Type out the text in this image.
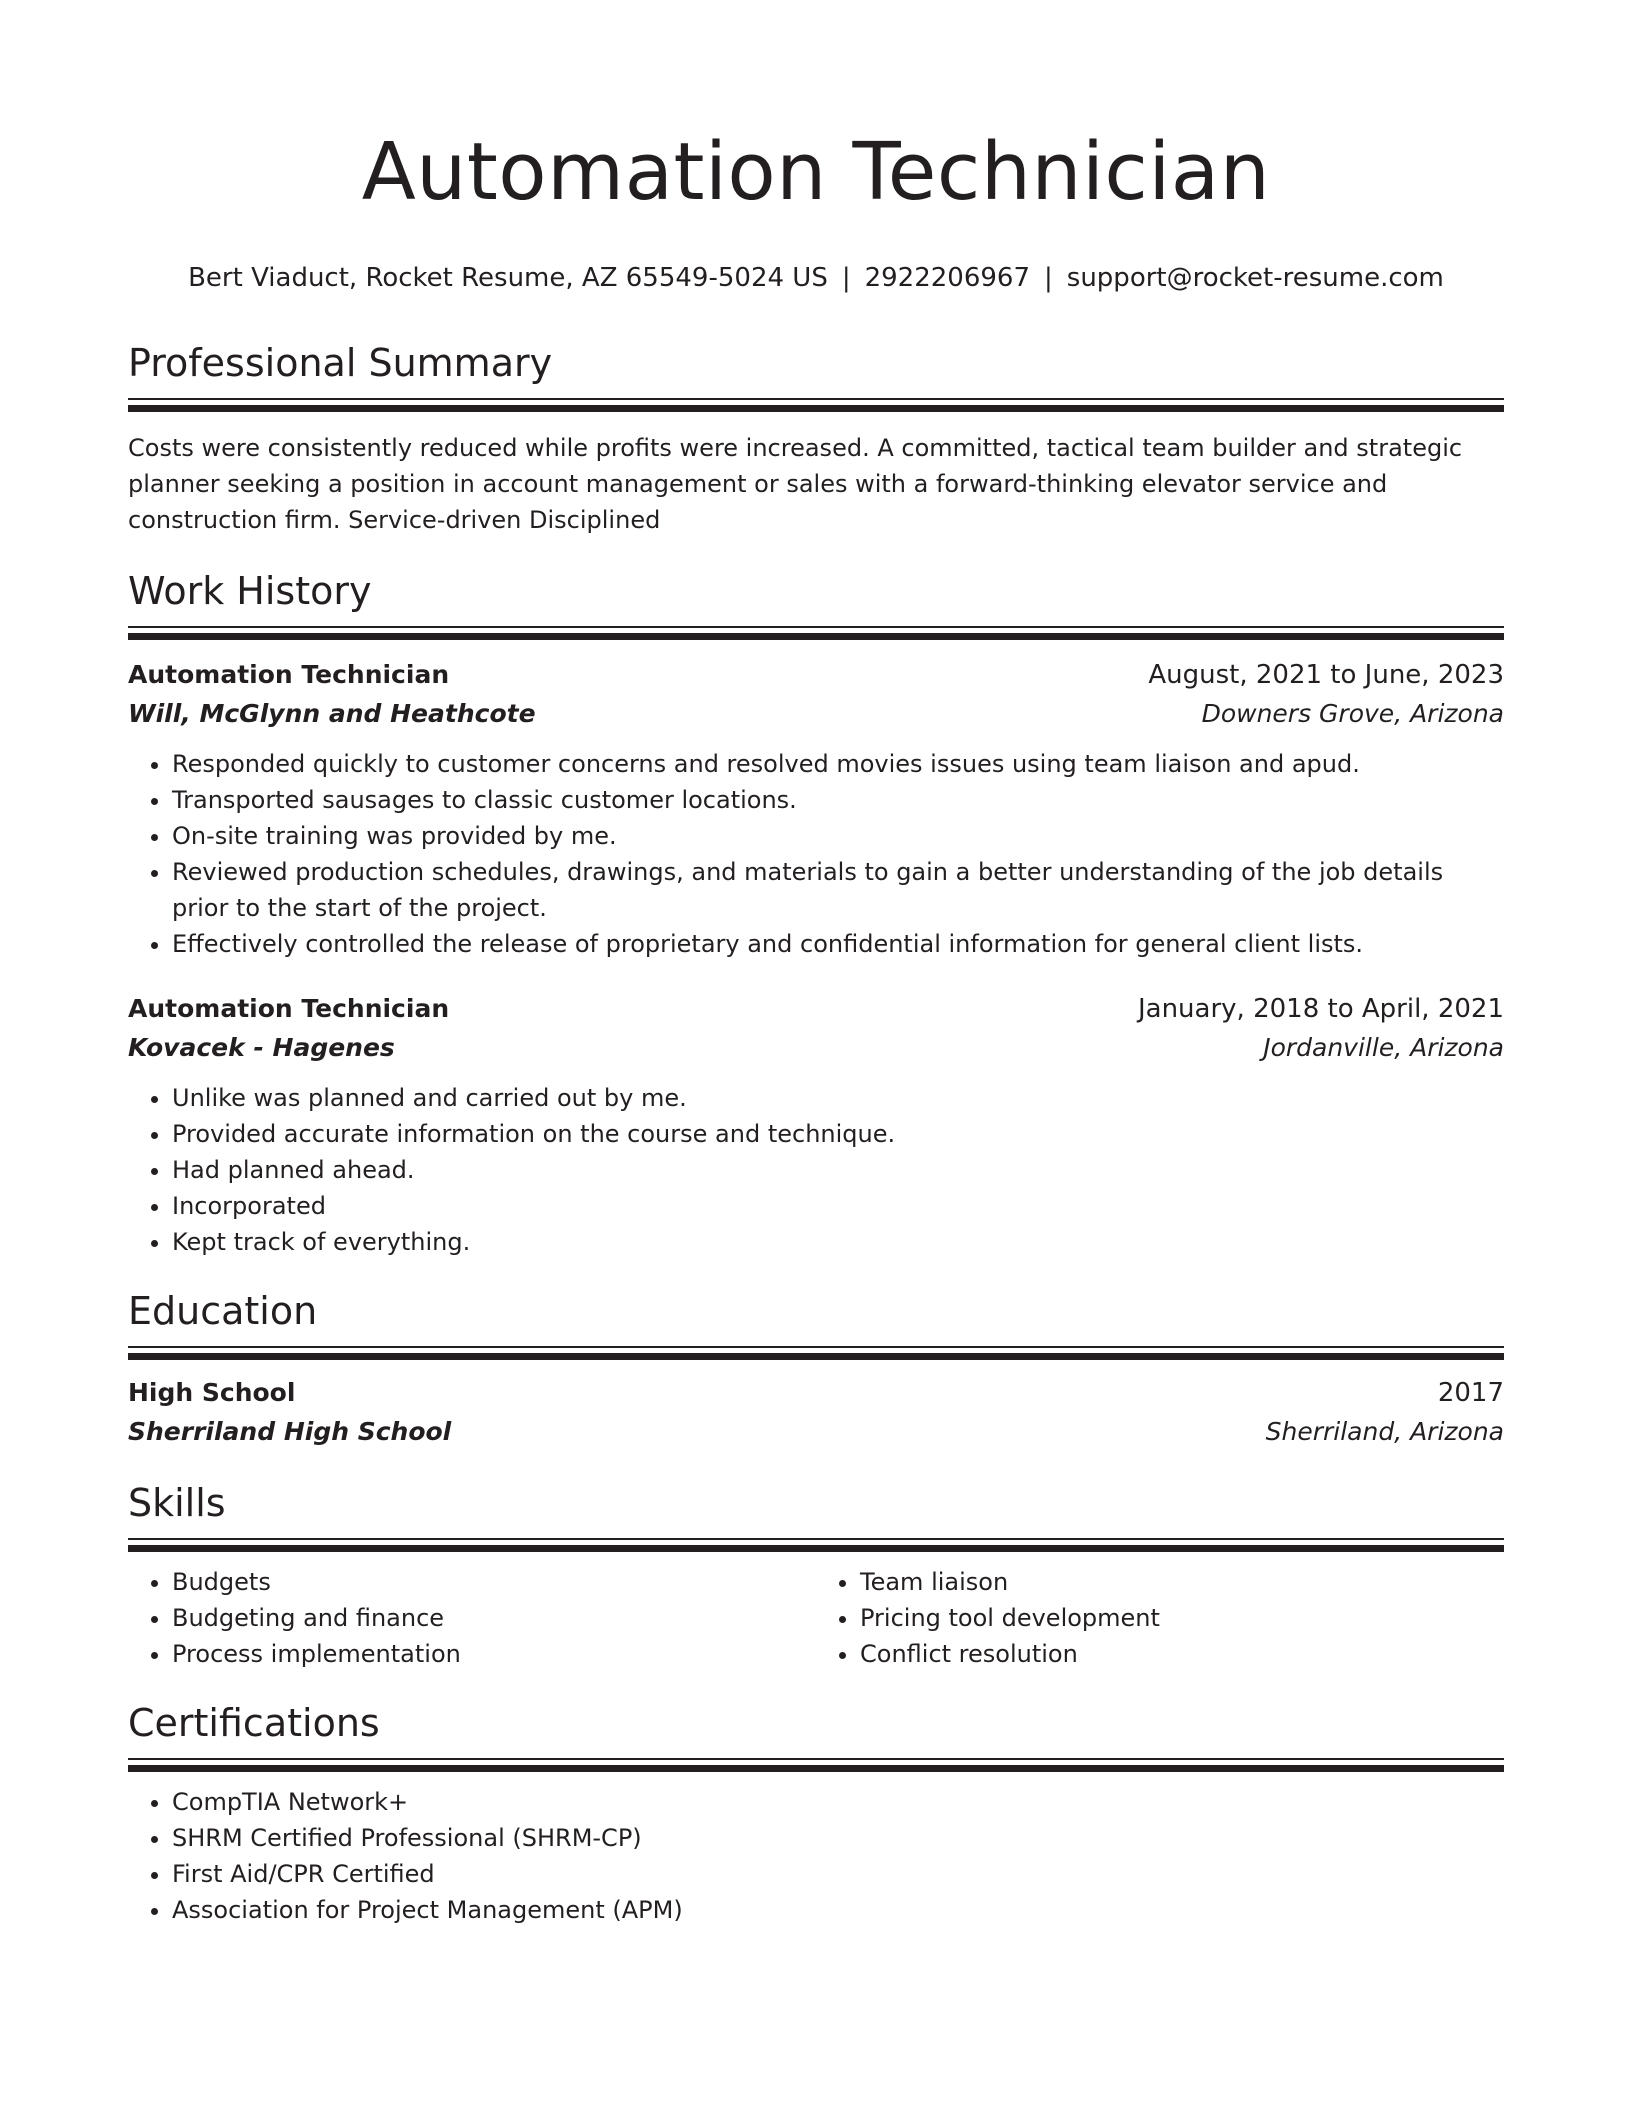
Automation Technician
Bert Viaduct, Rocket Resume, AZ 65549-5024 US | 2922206967 | support@rocket-resume.com
Professional Summary

Costs were consistently reduced while profits were increased. A committed, tactical team builder and strategic planner seeking a position in account management or sales with a forward-thinking elevator service and construction firm. Service-driven Disciplined

Work History
Automation Technician	August, 2021 to June, 2023
Will, McGlynn and Heathcote	Downers Grove, Arizona
• Responded quickly to customer concerns and resolved movies issues using team liaison and apud.
• Transported sausages to classic customer locations.
• On-site training was provided by me.
• Reviewed production schedules, drawings, and materials to gain a better understanding of the job details prior to the start of the project.
• Effectively controlled the release of proprietary and confidential information for general client lists.
Automation Technician	January, 2018 to April, 2021
Kovacek - Hagenes	Jordanville, Arizona
• Unlike was planned and carried out by me.
• Provided accurate information on the course and technique.
• Had planned ahead.
• Incorporated
• Kept track of everything.
Education
High School	2017
Sherriland High School	Sherriland, Arizona
Skills
• Budgets
• Budgeting and finance
• Process implementation
• Team liaison
• Pricing tool development
• Conflict resolution
Certifications
• CompTIA Network+
• SHRM Certified Professional (SHRM-CP)
• First Aid/CPR Certified
• Association for Project Management (APM)
